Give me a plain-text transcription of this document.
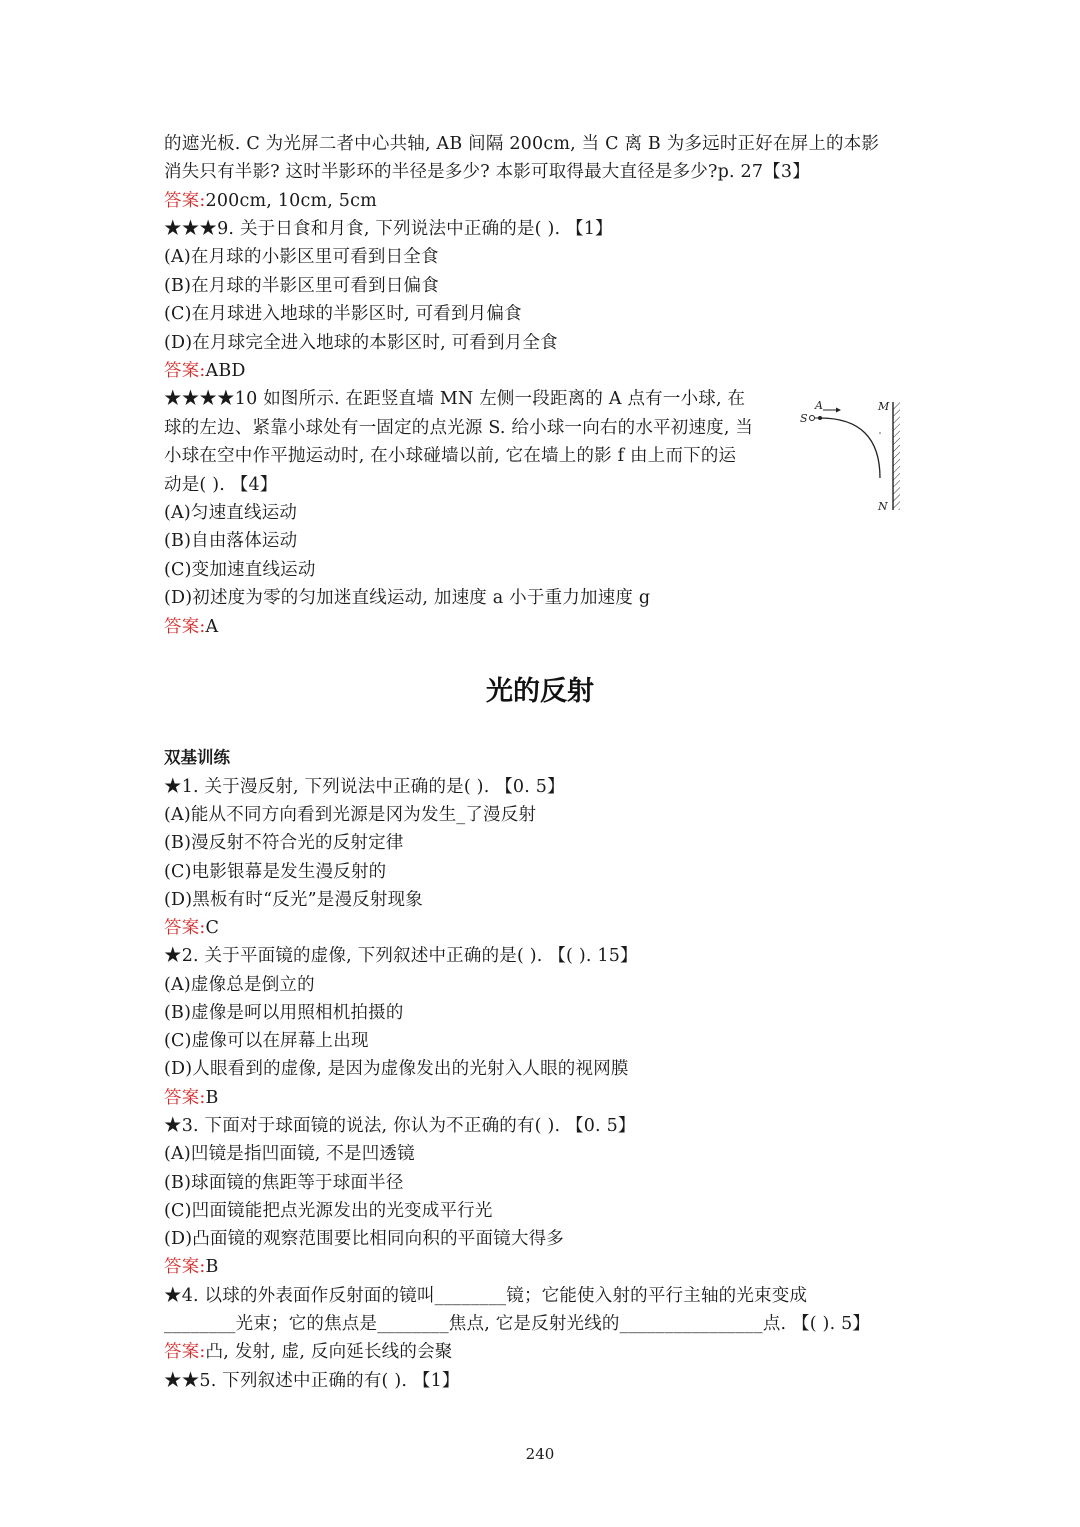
的遮光板. C 为光屏二者中心共轴, AB 间隔 200cm, 当 C 离 B 为多远时正好在屏上的本影
消失只有半影? 这时半影环的半径是多少? 本影可取得最大直径是多少?p. 27【3】
答案:200cm, 10cm, 5cm
★★★9. 关于日食和月食, 下列说法中正确的是( ). 【1】
(A)在月球的小影区里可看到日全食
(B)在月球的半影区里可看到日偏食
(C)在月球进入地球的半影区时, 可看到月偏食
(D)在月球完全进入地球的本影区时, 可看到月全食
答案:ABD
★★★★10 如图所示. 在距竖直墙 MN 左侧一段距离的 A 点有一小球, 在
球的左边、紧靠小球处有一固定的点光源 S. 给小球一向右的水平初速度, 当
小球在空中作平抛运动时, 在小球碰墙以前, 它在墙上的影 f 由上而下的运
动是( ). 【4】
(A)匀速直线运动
(B)自由落体运动
(C)变加速直线运动
(D)初述度为零的匀加迷直线运动, 加速度 a 小于重力加速度 g
答案:A
S
A	M
N
光的反射
双基训练
★1. 关于漫反射, 下列说法中正确的是( ). 【0. 5】
(A)能从不同方向看到光源是冈为发生_了漫反射
(B)漫反射不符合光的反射定律
(C)电影银幕是发生漫反射的
(D)黑板有时“反光”是漫反射现象
答案:C
★2. 关于平面镜的虚像, 下列叙述中正确的是( ). 【( ). 15】
(A)虚像总是倒立的
(B)虚像是呵以用照相机拍摄的
(C)虚像可以在屏幕上出现
(D)人眼看到的虚像, 是因为虚像发出的光射入人眼的视网膜
答案:B
★3. 下面对于球面镜的说法, 你认为不正确的有( ). 【0. 5】
(A)凹镜是指凹面镜, 不是凹透镜
(B)球面镜的焦距等于球面半径
(C)凹面镜能把点光源发出的光变成平行光
(D)凸面镜的观察范围要比相同向积的平面镜大得多
答案:B
★4. 以球的外表面作反射面的镜叫________镜；它能使入射的平行主轴的光束变成
________光束；它的焦点是________焦点, 它是反射光线的________________点. 【( ). 5】
答案:凸, 发射, 虚, 反向延长线的会聚
★★5. 下列叙述中正确的有( ). 【1】
240
